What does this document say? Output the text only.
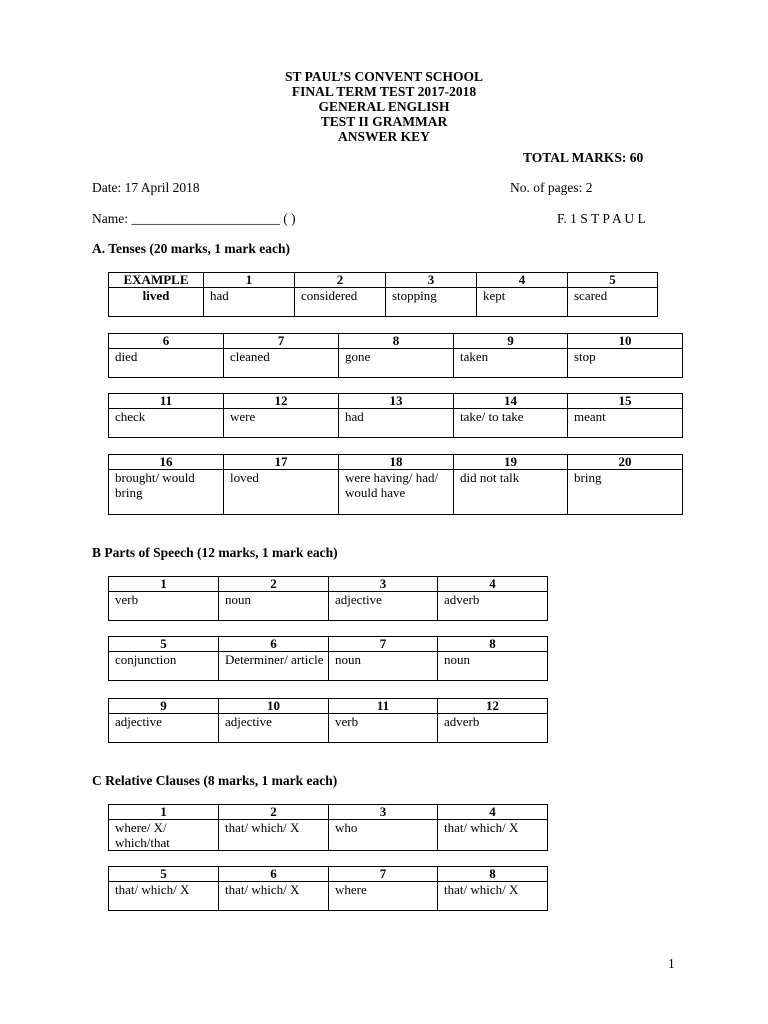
ST PAUL’S CONVENT SCHOOL
FINAL TERM TEST 2017-2018
GENERAL ENGLISH
TEST II GRAMMAR
ANSWER KEY
TOTAL MARKS: 60
Date: 17 April 2018	No. of pages: 2
Name: ______________________ ( )	F. 1 S T P A U L
A. Tenses (20 marks, 1 mark each)
EXAMPLE	1	2	3	4	5
lived	had	considered	stopping	kept	scared
6	7	8	9	10
died	cleaned	gone	taken	stop
11	12	13	14	15
check	were	had	take/ to take	meant
16	17	18	19	20
brought/ would bring	loved	were having/ had/ would have	did not talk	bring
B Parts of Speech (12 marks, 1 mark each)
1	2	3	4
verb	noun	adjective	adverb
5	6	7	8
conjunction	Determiner/ article	noun	noun
9	10	11	12
adjective	adjective	verb	adverb
C Relative Clauses (8 marks, 1 mark each)
1	2	3	4
where/ X/ which/that	that/ which/ X	who	that/ which/ X
5	6	7	8
that/ which/ X	that/ which/ X	where	that/ which/ X
1
